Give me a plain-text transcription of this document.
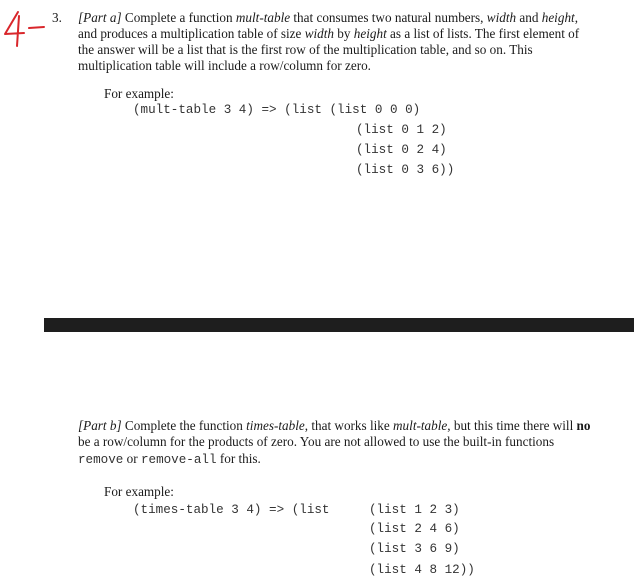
3. [Part a] Complete a function mult-table that consumes two natural numbers, width and height,
and produces a multiplication table of size width by height as a list of lists. The first element of
the answer will be a list that is the first row of the multiplication table, and so on. This
multiplication table will include a row/column for zero.
For example:
(mult-table 3 4) => (list (list 0 0 0)
(list 0 1 2)
(list 0 2 4)
(list 0 3 6))
[Part b] Complete the function times-table, that works like mult-table, but this time there will no
be a row/column for the products of zero. You are not allowed to use the built-in functions
remove or remove-all for this.
For example:
(times-table 3 4) => (list	(list 1 2 3)
(list 2 4 6)
(list 3 6 9)
(list 4 8 12))
